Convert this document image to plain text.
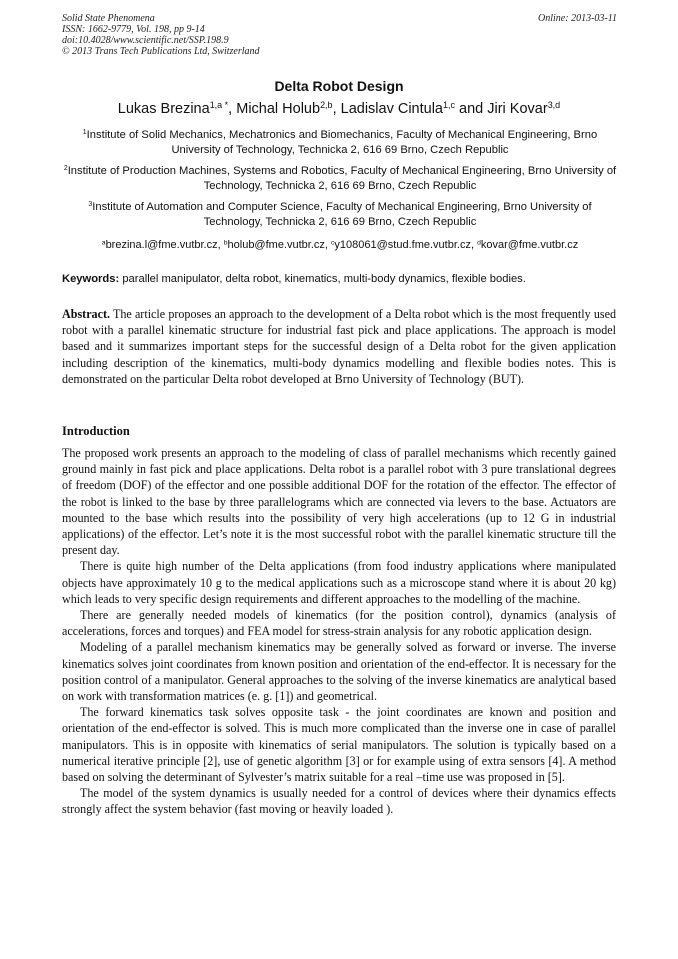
Solid State Phenomena
ISSN: 1662-9779, Vol. 198, pp 9-14
doi:10.4028/www.scientific.net/SSP.198.9
© 2013 Trans Tech Publications Ltd, Switzerland
Online: 2013-03-11
Delta Robot Design
Lukas Brezina$^{1,a *}$, Michal Holub$^{2,b}$, Ladislav Cintula$^{1,c}$ and Jiri Kovar$^{3,d}$
$^1$Institute of Solid Mechanics, Mechatronics and Biomechanics, Faculty of Mechanical Engineering, Brno University of Technology, Technicka 2, 616 69 Brno, Czech Republic
$^2$Institute of Production Machines, Systems and Robotics, Faculty of Mechanical Engineering, Brno University of Technology, Technicka 2, 616 69 Brno, Czech Republic
$^3$Institute of Automation and Computer Science, Faculty of Mechanical Engineering, Brno University of Technology, Technicka 2, 616 69 Brno, Czech Republic
$^a$brezina.l@fme.vutbr.cz, $^b$holub@fme.vutbr.cz, $^c$y108061@stud.fme.vutbr.cz, $^d$kovar@fme.vutbr.cz
Keywords: parallel manipulator, delta robot, kinematics, multi-body dynamics, flexible bodies.

Abstract. The article proposes an approach to the development of a Delta robot which is the most frequently used robot with a parallel kinematic structure for industrial fast pick and place applications. The approach is model based and it summarizes important steps for the successful design of a Delta robot for the given application including description of the kinematics, multi-body dynamics modelling and flexible bodies notes. This is demonstrated on the particular Delta robot developed at Brno University of Technology (BUT).

Introduction

The proposed work presents an approach to the modeling of class of parallel mechanisms which recently gained ground mainly in fast pick and place applications. Delta robot is a parallel robot with 3 pure translational degrees of freedom (DOF) of the effector and one possible additional DOF for the rotation of the effector. The effector of the robot is linked to the base by three parallelograms which are connected via levers to the base. Actuators are mounted to the base which results into the possibility of very high accelerations (up to 12 G in industrial applications) of the effector. Let’s note it is the most successful robot with the parallel kinematic structure till the present day.

There is quite high number of the Delta applications (from food industry applications where manipulated objects have approximately 10 g to the medical applications such as a microscope stand where it is about 20 kg) which leads to very specific design requirements and different approaches to the modelling of the machine.

There are generally needed models of kinematics (for the position control), dynamics (analysis of accelerations, forces and torques) and FEA model for stress-strain analysis for any robotic application design.

Modeling of a parallel mechanism kinematics may be generally solved as forward or inverse. The inverse kinematics solves joint coordinates from known position and orientation of the end-effector. It is necessary for the position control of a manipulator. General approaches to the solving of the inverse kinematics are analytical based on work with transformation matrices (e. g. [1]) and geometrical.

The forward kinematics task solves opposite task - the joint coordinates are known and position and orientation of the end-effector is solved. This is much more complicated than the inverse one in case of parallel manipulators. This is in opposite with kinematics of serial manipulators. The solution is typically based on a numerical iterative principle [2], use of genetic algorithm [3] or for example using of extra sensors [4]. A method based on solving the determinant of Sylvester’s matrix suitable for a real –time use was proposed in [5].

The model of the system dynamics is usually needed for a control of devices where their dynamics effects strongly affect the system behavior (fast moving or heavily loaded ).
